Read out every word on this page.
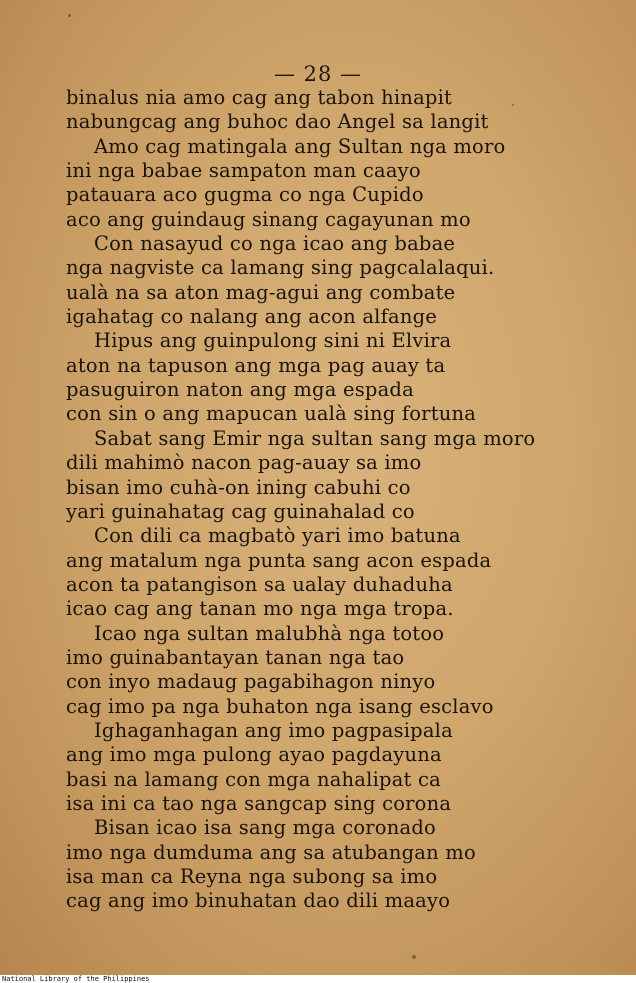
— 28 —
binalus nia amo cag ang tabon hinapit
nabungcag ang buhoc dao Angel sa langit
Amo cag matingala ang Sultan nga moro
ini nga babae sampaton man caayo
patauara aco gugma co nga Cupido
aco ang guindaug sinang cagayunan mo
Con nasayud co nga icao ang babae
nga nagviste ca lamang sing pagcalalaqui.
ualà na sa aton mag-agui ang combate
igahatag co nalang ang acon alfange
Hipus ang guinpulong sini ni Elvira
aton na tapuson ang mga pag auay ta
pasuguiron naton ang mga espada
con sin o ang mapucan ualà sing fortuna
Sabat sang Emir nga sultan sang mga moro
dili mahimò nacon pag-auay sa imo
bisan imo cuhà-on ining cabuhi co
yari guinahatag cag guinahalad co
Con dili ca magbatò yari imo batuna
ang matalum nga punta sang acon espada
acon ta patangison sa ualay duhaduha
icao cag ang tanan mo nga mga tropa.
Icao nga sultan malubhà nga totoo
imo guinabantayan tanan nga tao
con inyo madaug pagabihagon ninyo
cag imo pa nga buhaton nga isang esclavo
Ighaganhagan ang imo pagpasipala
ang imo mga pulong ayao pagdayuna
basi na lamang con mga nahalipat ca
isa ini ca tao nga sangcap sing corona
Bisan icao isa sang mga coronado
imo nga dumduma ang sa atubangan mo
isa man ca Reyna nga subong sa imo
cag ang imo binuhatan dao dili maayo
National Library of the Philippines
